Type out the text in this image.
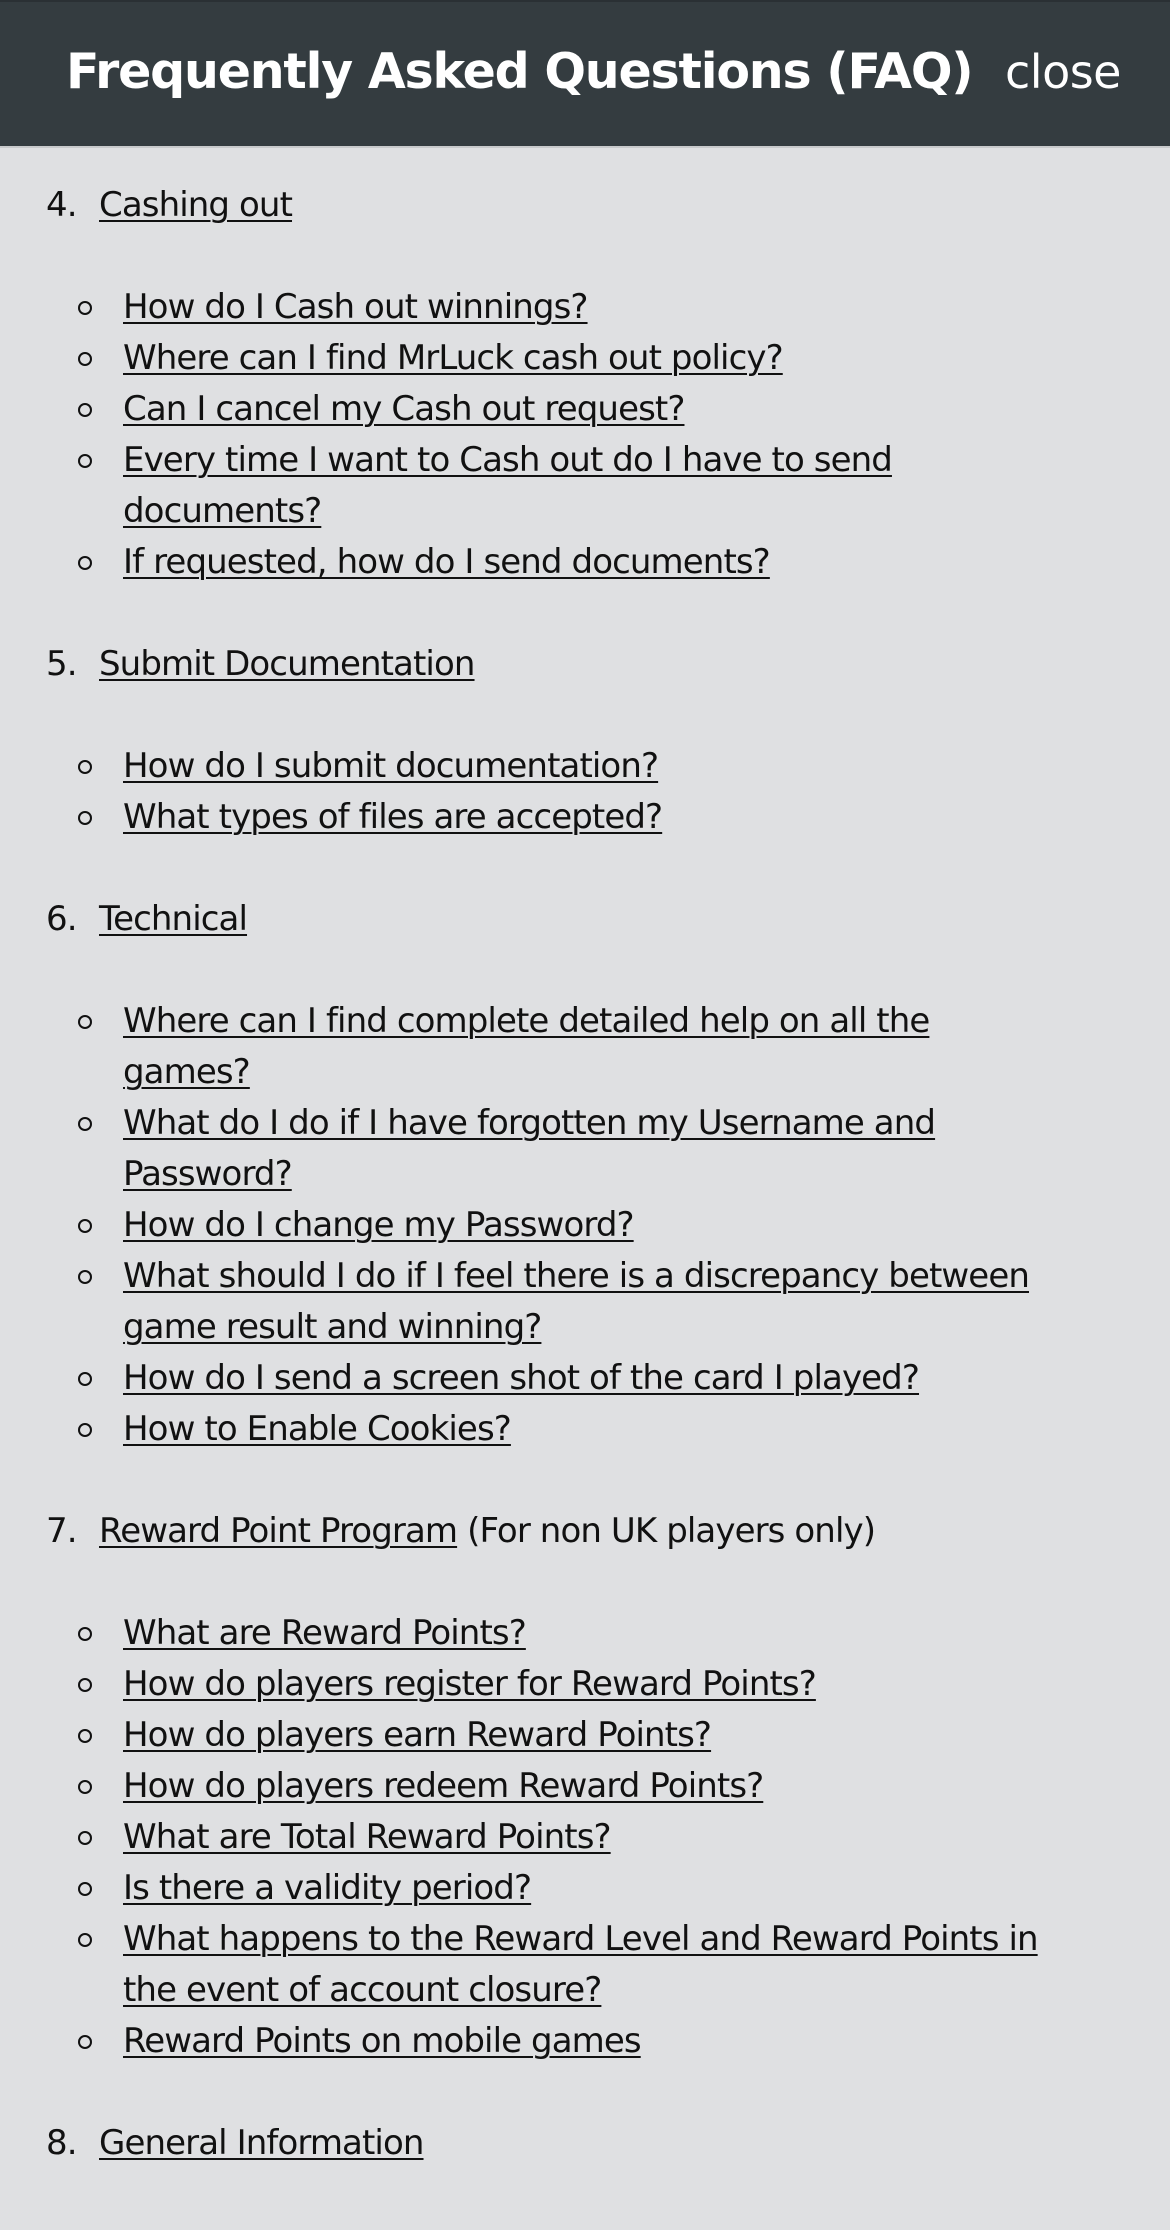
Frequently Asked Questions (FAQ) close
4. Cashing out
How do I Cash out winnings?
Where can I find MrLuck cash out policy?
Can I cancel my Cash out request?
Every time I want to Cash out do I have to send documents?
If requested, how do I send documents?
5. Submit Documentation
How do I submit documentation?
What types of files are accepted?
6. Technical
Where can I find complete detailed help on all the games?
What do I do if I have forgotten my Username and Password?
How do I change my Password?
What should I do if I feel there is a discrepancy between game result and winning?
How do I send a screen shot of the card I played?
How to Enable Cookies?
7. Reward Point Program (For non UK players only)
What are Reward Points?
How do players register for Reward Points?
How do players earn Reward Points?
How do players redeem Reward Points?
What are Total Reward Points?
Is there a validity period?
What happens to the Reward Level and Reward Points in the event of account closure?
Reward Points on mobile games
8. General Information
